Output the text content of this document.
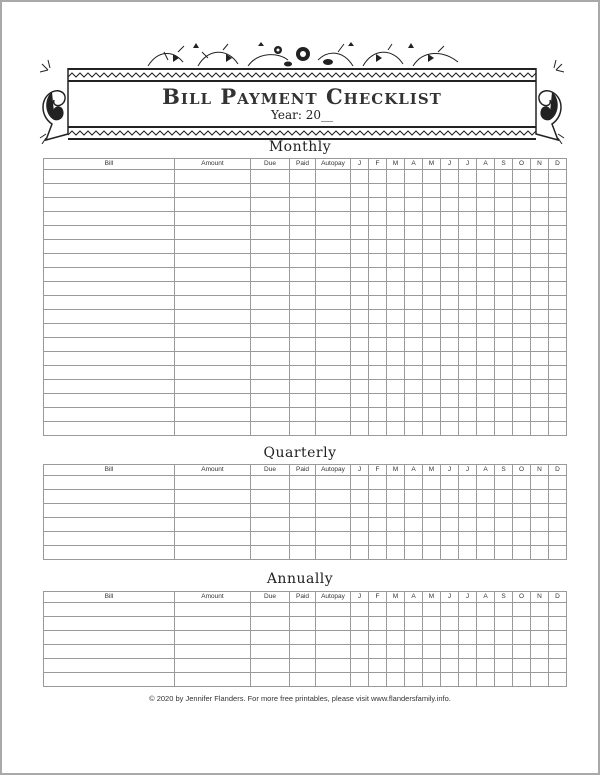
Bill Payment Checklist
Year: 20__
Monthly
Bill	Amount	Due	Paid	Autopay	J	F	M	A	M	J	J	A	S	O	N	D

Quarterly
Bill	Amount	Due	Paid	Autopay	J	F	M	A	M	J	J	A	S	O	N	D

Annually
Bill	Amount	Due	Paid	Autopay	J	F	M	A	M	J	J	A	S	O	N	D

© 2020 by Jennifer Flanders. For more free printables, please visit www.flandersfamily.info.
